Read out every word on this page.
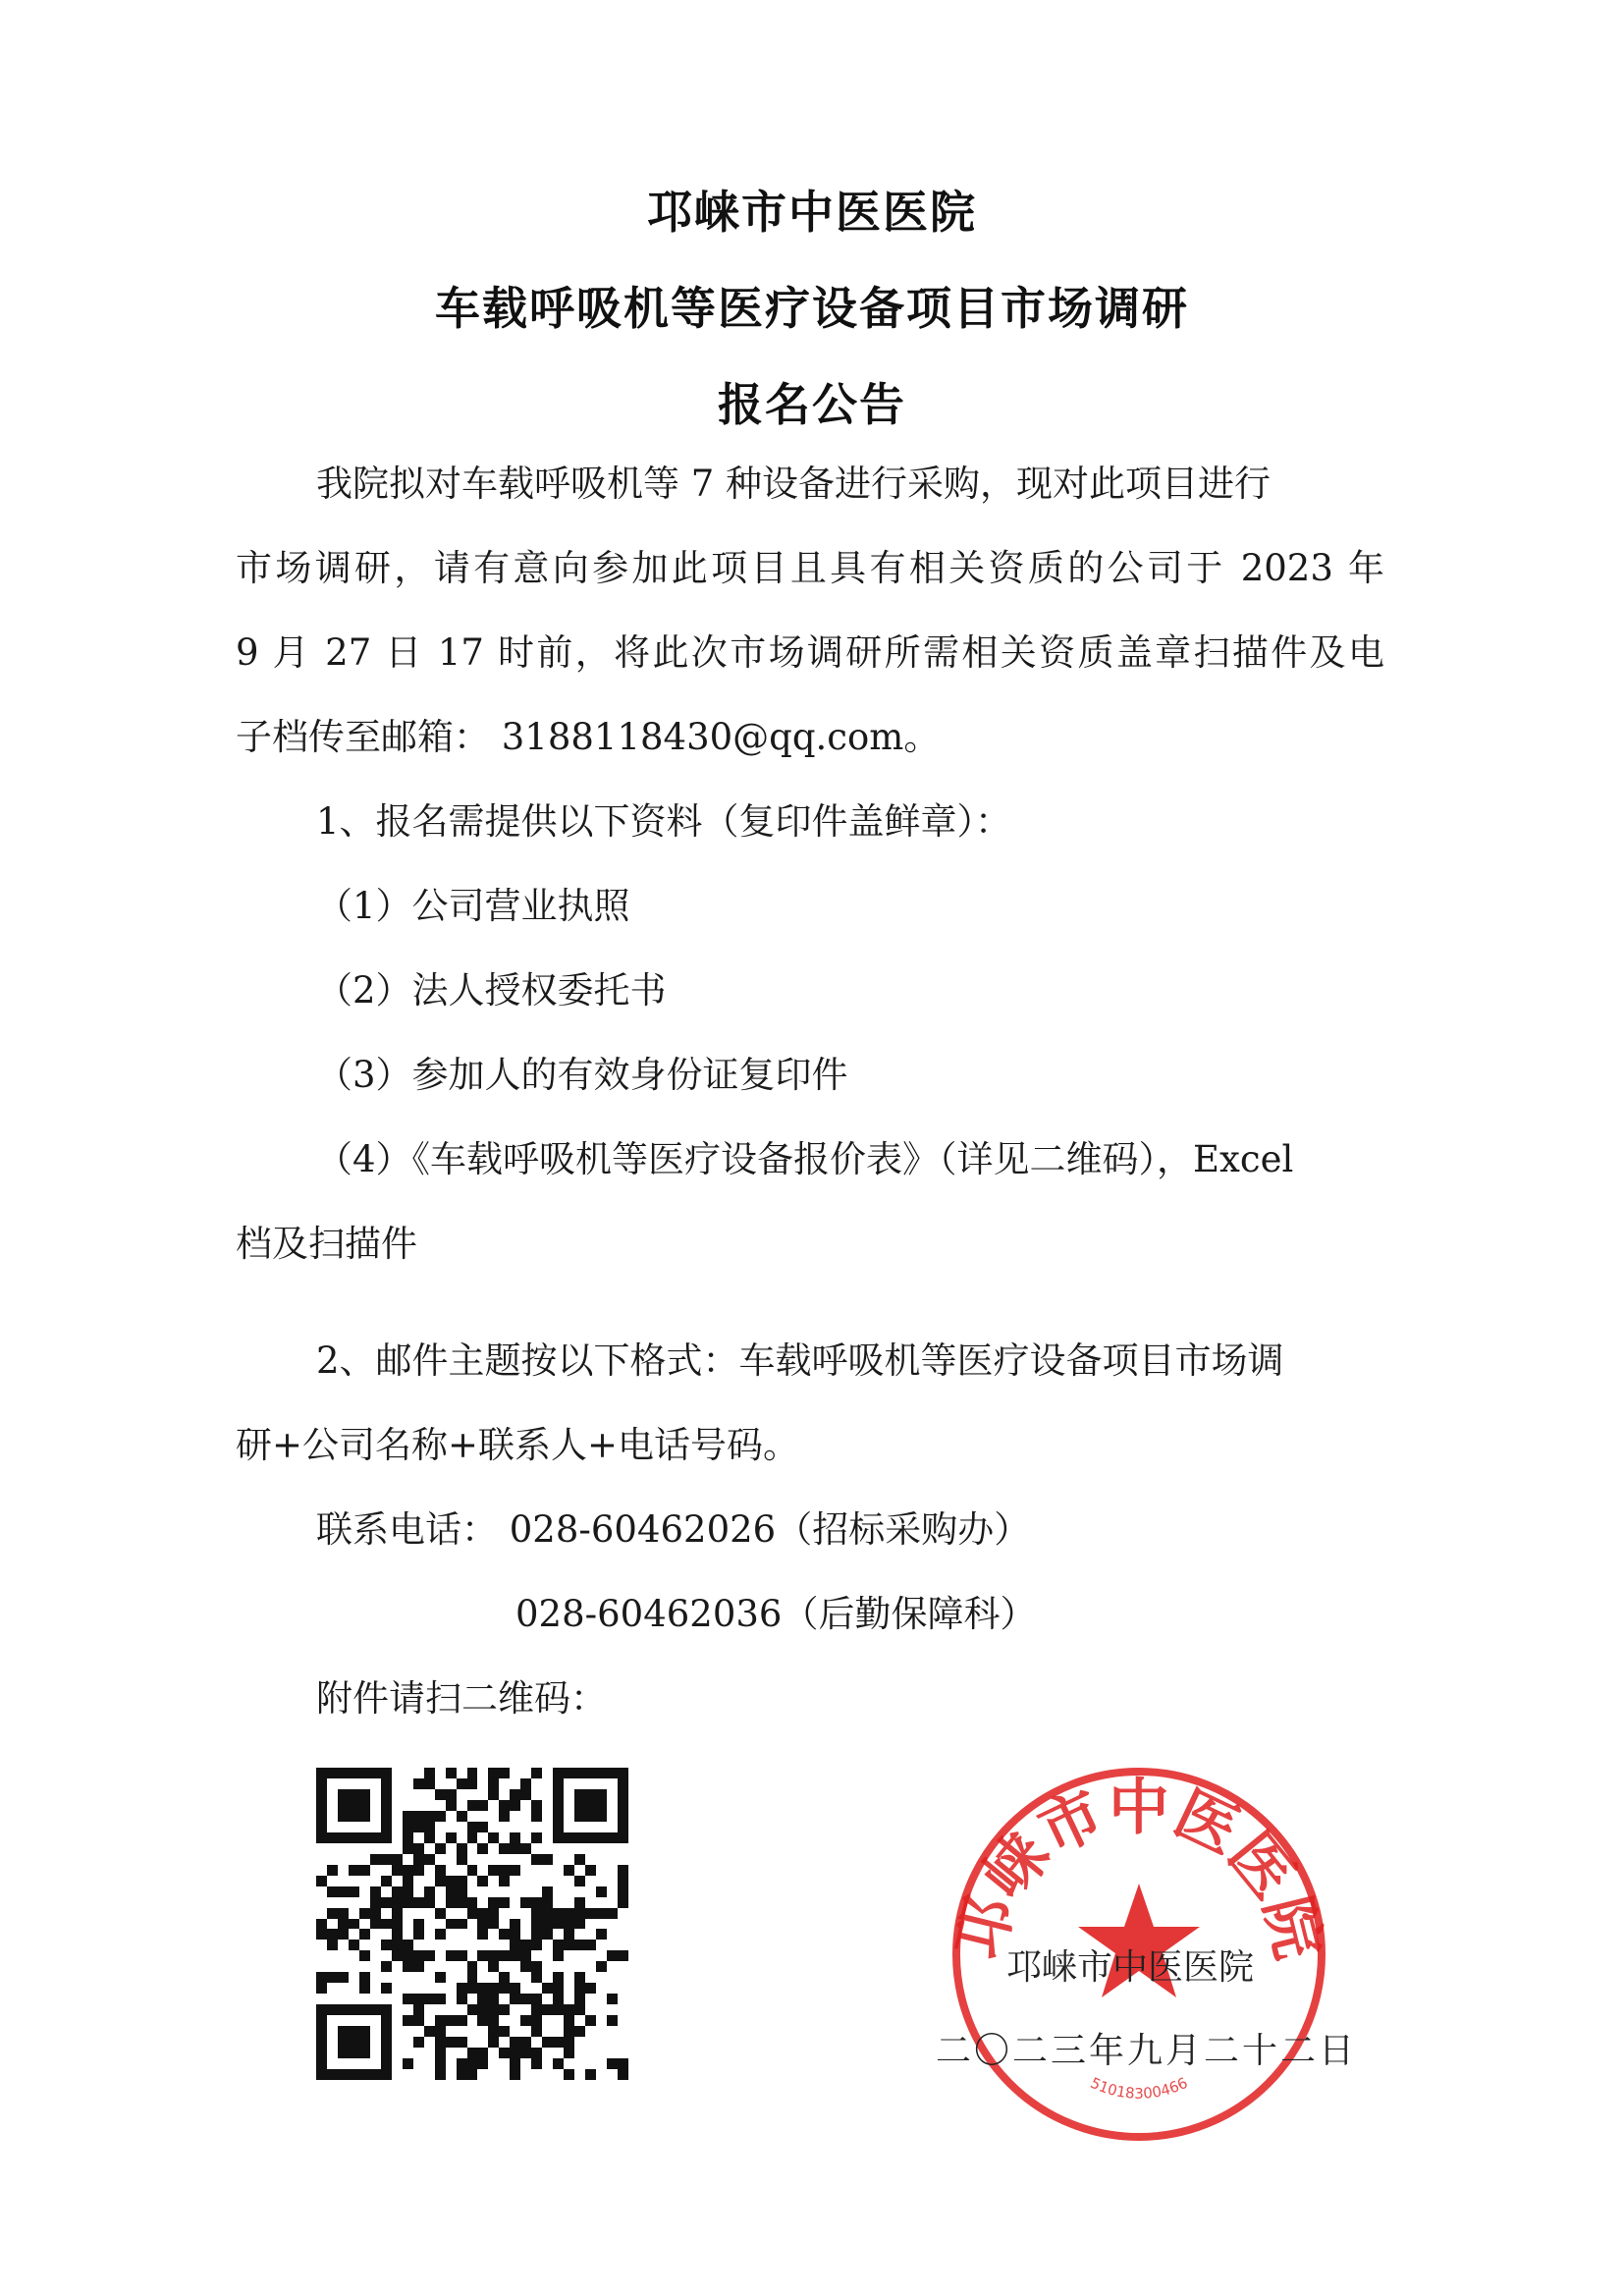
邛崃市中医医院
车载呼吸机等医疗设备项目市场调研
报名公告
我院拟对车载呼吸机等 7 种设备进行采购，现对此项目进行
市场调研，请有意向参加此项目且具有相关资质的公司于 2023 年
9 月 27 日 17 时前，将此次市场调研所需相关资质盖章扫描件及电
子档传至邮箱： 3188118430@qq.com。
1、报名需提供以下资料（复印件盖鲜章）：
（1）公司营业执照
（2）法人授权委托书
（3）参加人的有效身份证复印件
（4）《车载呼吸机等医疗设备报价表》（详见二维码），Excel
档及扫描件
2、邮件主题按以下格式：车载呼吸机等医疗设备项目市场调
研+公司名称+联系人+电话号码。
联系电话： 028-60462026（招标采购办）
028-60462036（后勤保障科）
附件请扫二维码：
邛崃市中医医院
51018300466
邛崃市中医医院
二〇二三年九月二十二日
